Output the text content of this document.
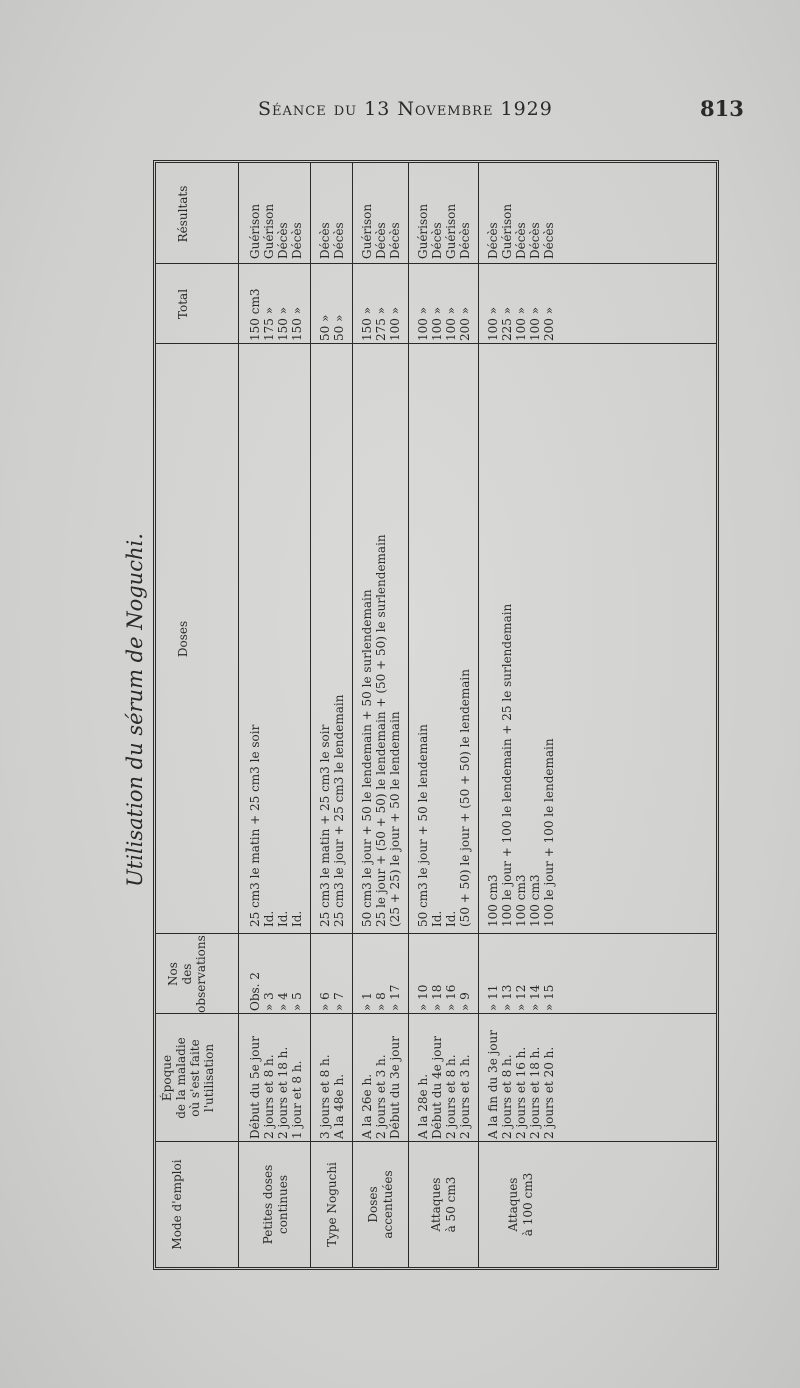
Séance du 13 Novembre 1929	813
Utilisation du sérum de Noguchi.
Mode d'emploi
Époque de la maladie où s'est faite l'utilisation
Nos des observations
Doses
Total
Résultats
Petites doses continues
Début du 5e jour 2 jours et 8 h. 2 jours et 18 h. 1 jour et 8 h.
Obs. 2 » 3 » 4 » 5
25 cm3 le matin + 25 cm3 le soir Id. Id. Id.
150 cm3 175 » 150 » 150 »
Guérison Guérison Décès Décès
Type Noguchi
3 jours et 8 h. A la 48e h.
» 6 » 7
25 cm3 le matin + 25 cm3 le soir 25 cm3 le jour + 25 cm3 le lendemain
50 » 50 »
Décès Décès
Doses accentuées
A la 26e h. 2 jours et 3 h. Début du 3e jour
» 1 » 8 » 17
50 cm3 le jour + 50 le lendemain + 50 le surlendemain 25 le jour + (50 + 50) le lendemain + (50 + 50) le surlendemain (25 + 25) le jour + 50 le lendemain
150 » 275 » 100 »
Guérison Décès Décès
Attaques à 50 cm3
A la 28e h. Début du 4e jour 2 jours et 8 h. 2 jours et 3 h.
» 10 » 18 » 16 » 9
50 cm3 le jour + 50 le lendemain Id. Id. (50 + 50) le jour + (50 + 50) le lendemain
100 » 100 » 100 » 200 »
Guérison Décès Guérison Décès
Attaques à 100 cm3
A la fin du 3e jour 2 jours et 8 h. 2 jours et 16 h. 2 jours et 18 h. 2 jours et 20 h.
» 11 » 13 » 12 » 14 » 15
100 cm3 100 le jour + 100 le lendemain + 25 le surlendemain 100 cm3 100 cm3 100 le jour + 100 le lendemain
100 » 225 » 100 » 100 » 200 »
Décès Guérison Décès Décès Décès
